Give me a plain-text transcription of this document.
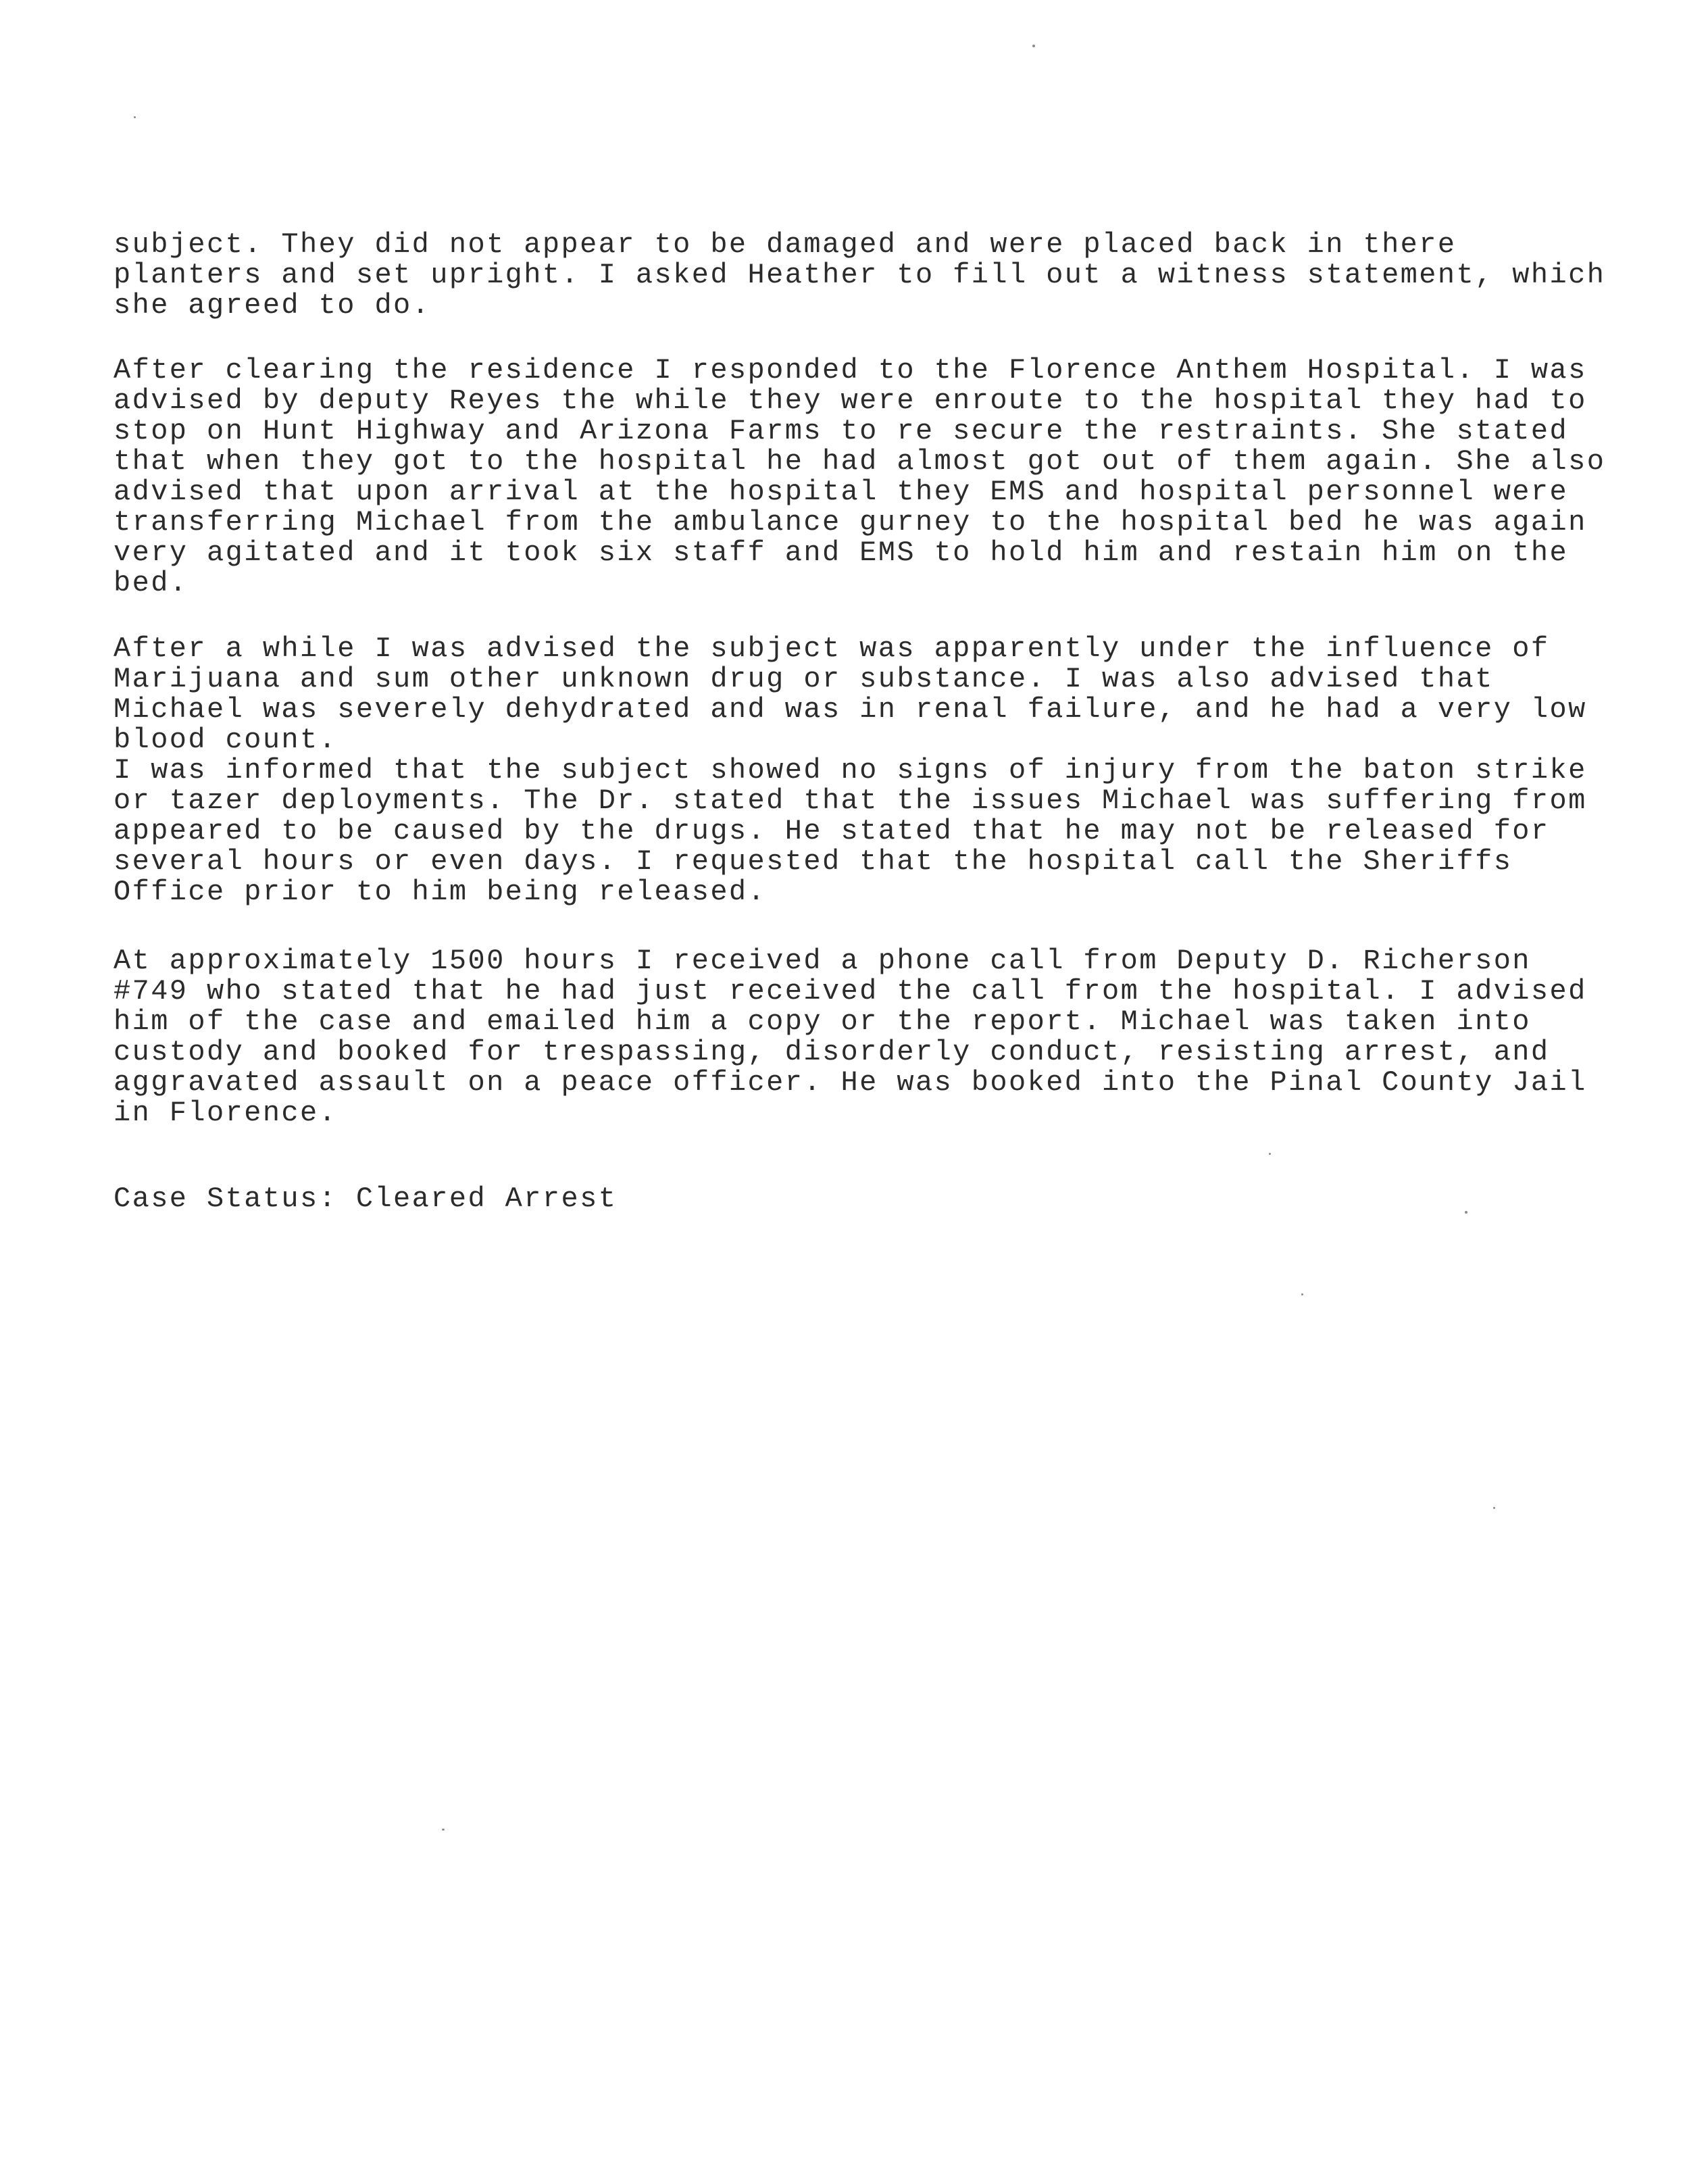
subject. They did not appear to be damaged and were placed back in there
planters and set upright. I asked Heather to fill out a witness statement, which
she agreed to do.
After clearing the residence I responded to the Florence Anthem Hospital. I was
advised by deputy Reyes the while they were enroute to the hospital they had to
stop on Hunt Highway and Arizona Farms to re secure the restraints. She stated
that when they got to the hospital he had almost got out of them again. She also
advised that upon arrival at the hospital they EMS and hospital personnel were
transferring Michael from the ambulance gurney to the hospital bed he was again
very agitated and it took six staff and EMS to hold him and restain him on the
bed.
After a while I was advised the subject was apparently under the influence of
Marijuana and sum other unknown drug or substance. I was also advised that
Michael was severely dehydrated and was in renal failure, and he had a very low
blood count.
I was informed that the subject showed no signs of injury from the baton strike
or tazer deployments. The Dr. stated that the issues Michael was suffering from
appeared to be caused by the drugs. He stated that he may not be released for
several hours or even days. I requested that the hospital call the Sheriffs
Office prior to him being released.
At approximately 1500 hours I received a phone call from Deputy D. Richerson
#749 who stated that he had just received the call from the hospital. I advised
him of the case and emailed him a copy or the report. Michael was taken into
custody and booked for trespassing, disorderly conduct, resisting arrest, and
aggravated assault on a peace officer. He was booked into the Pinal County Jail
in Florence.
Case Status: Cleared Arrest
